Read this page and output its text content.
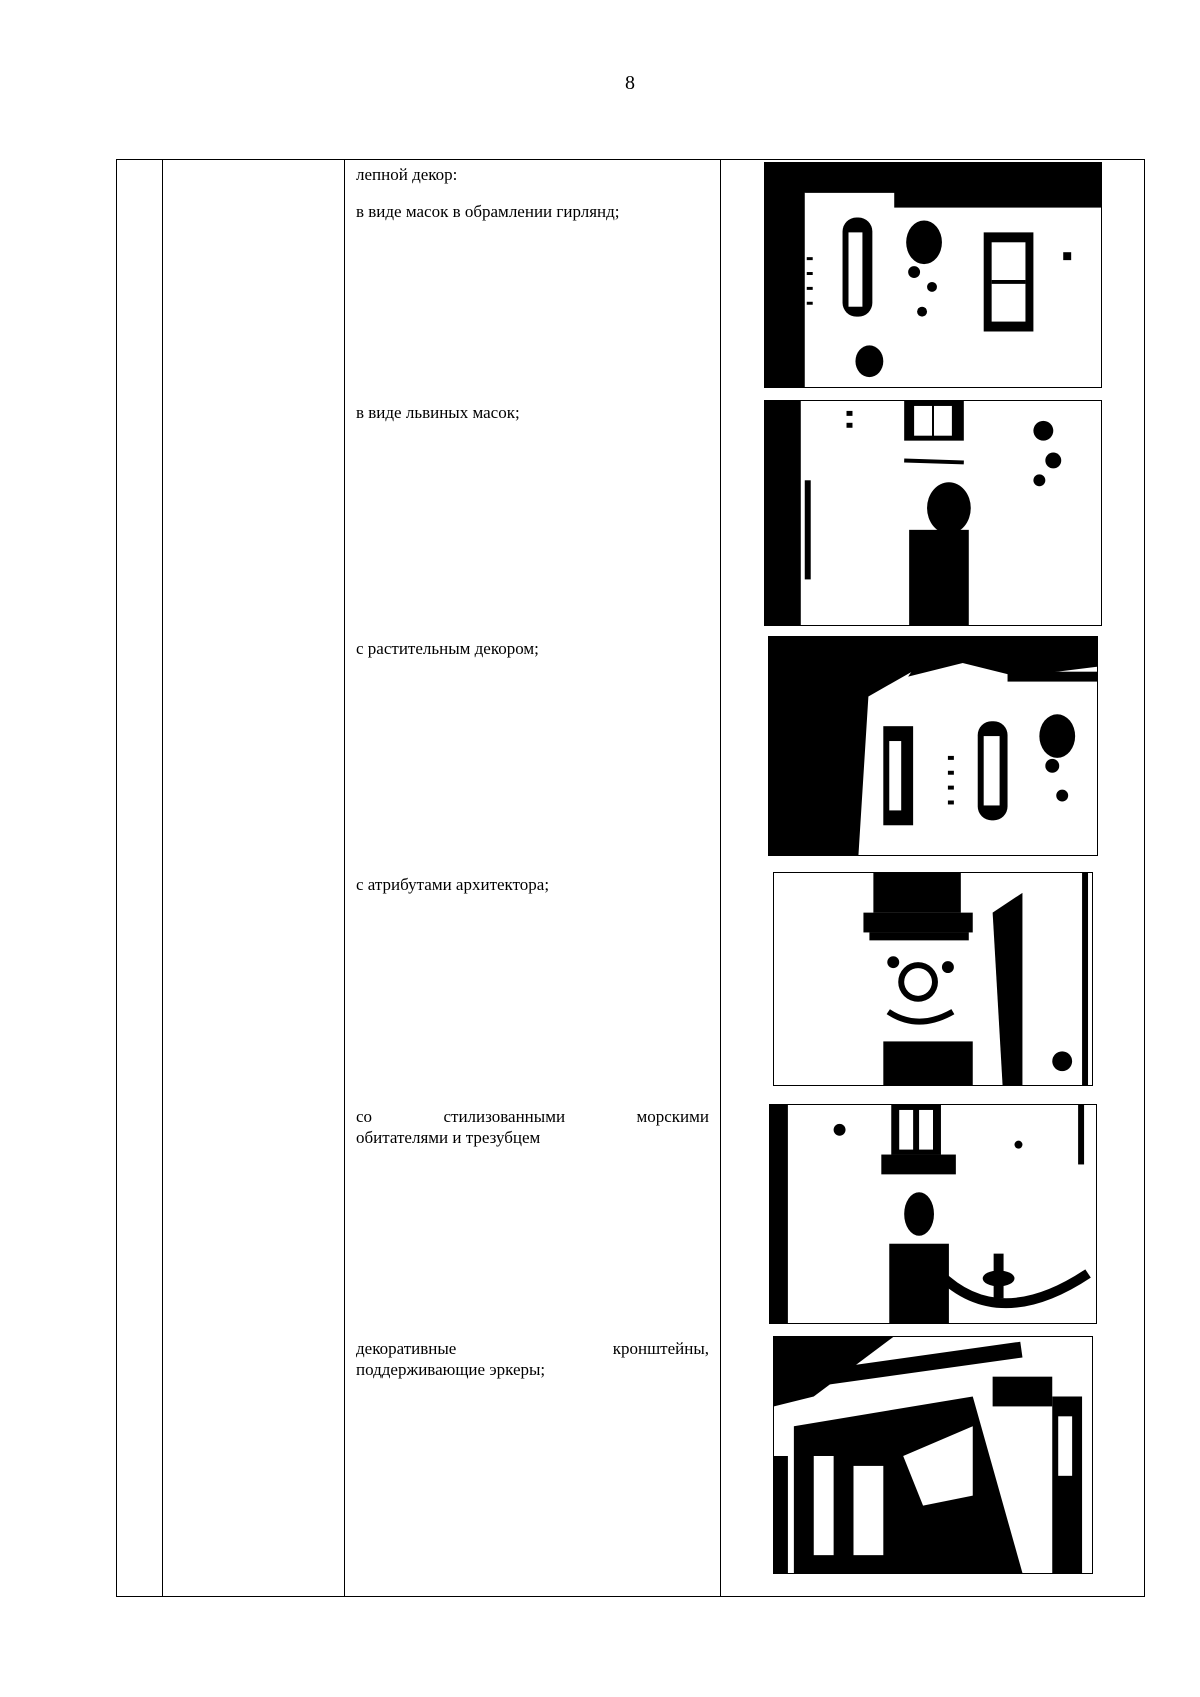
8

лепной декор:

в виде масок в обрамлении гирлянд;

в виде львиных масок;

с растительным декором;

с атрибутами архитектора;

со стилизованными морскими

обитателями и трезубцем

декоративные кронштейны,

поддерживающие эркеры;
